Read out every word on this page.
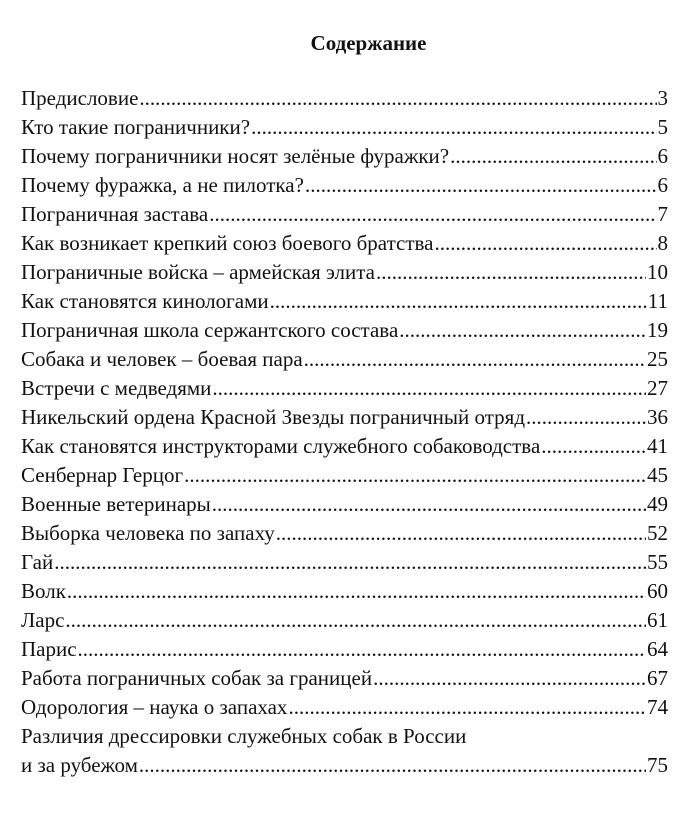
Содержание
Предисловие .....	3
Кто такие пограничники? .....	5
Почему пограничники носят зелёные фуражки? .....	6
Почему фуражка, а не пилотка? .....	6
Пограничная застава .....	7
Как возникает крепкий союз боевого братства .....	8
Пограничные войска – армейская элита .....	10
Как становятся кинологами .....	11
Пограничная школа сержантского состава .....	19
Собака и человек – боевая пара .....	25
Встречи с медведями .....	27
Никельский ордена Красной Звезды пограничный отряд .....	36
Как становятся инструкторами служебного собаководства .....	41
Сенбернар Герцог .....	45
Военные ветеринары .....	49
Выборка человека по запаху .....	52
Гай .....	55
Волк .....	60
Ларс .....	61
Парис .....	64
Работа пограничных собак за границей .....	67
Одорология – наука о запахах .....	74
Различия дрессировки служебных собак в России
и за рубежом .....	75
